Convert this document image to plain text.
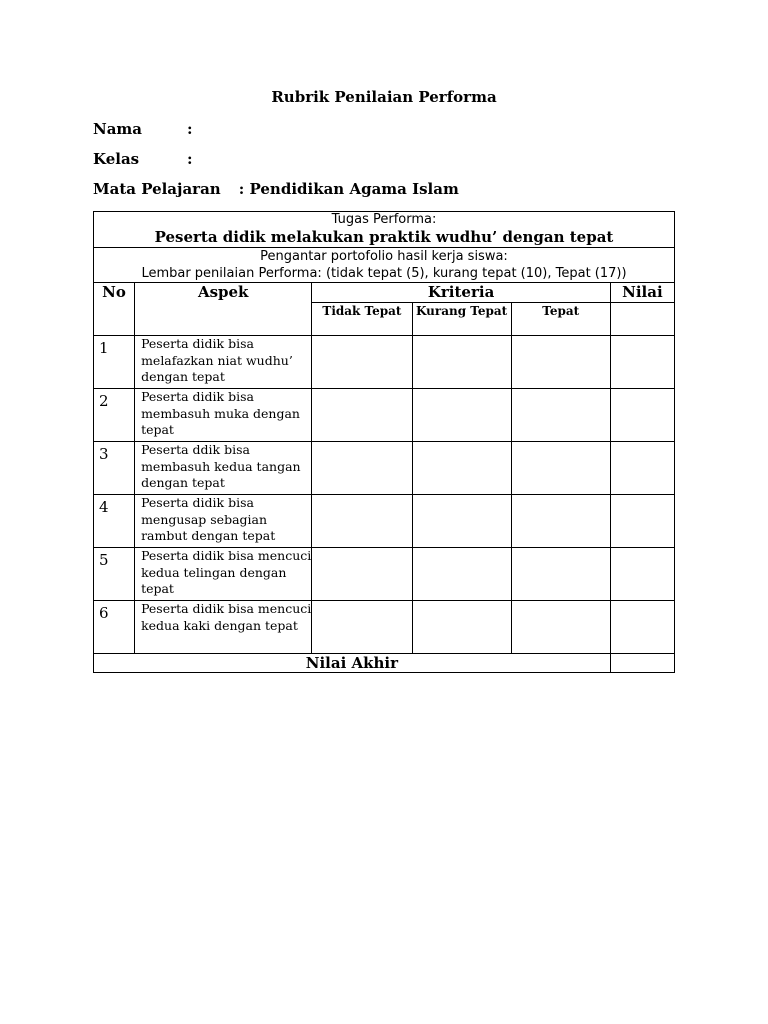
Rubrik Penilaian Performa
Nama	:
Kelas	:
Mata Pelajaran : Pendidikan Agama Islam
Tugas Performa:
Peserta didik melakukan praktik wudhu’ dengan tepat					

Pengantar portofolio hasil kerja siswa:
Lembar penilaian Performa: (tidak tepat (5), kurang tepat (10), Tepat (17))					

No	Aspek	Kriteria			Nilai
		Tidak Tepat	Kurang Tepat	Tepat	
1	Peserta didik bisa melafazkan niat wudhu’ dengan tepat				
2	Peserta didik bisa membasuh muka dengan tepat				
3	Peserta ddik bisa membasuh kedua tangan dengan tepat				
4	Peserta didik bisa mengusap sebagian rambut dengan tepat				
5	Peserta didik bisa mencuci kedua telingan dengan tepat				
6	Peserta didik bisa mencuci kedua kaki dengan tepat				
Nilai Akhir					
